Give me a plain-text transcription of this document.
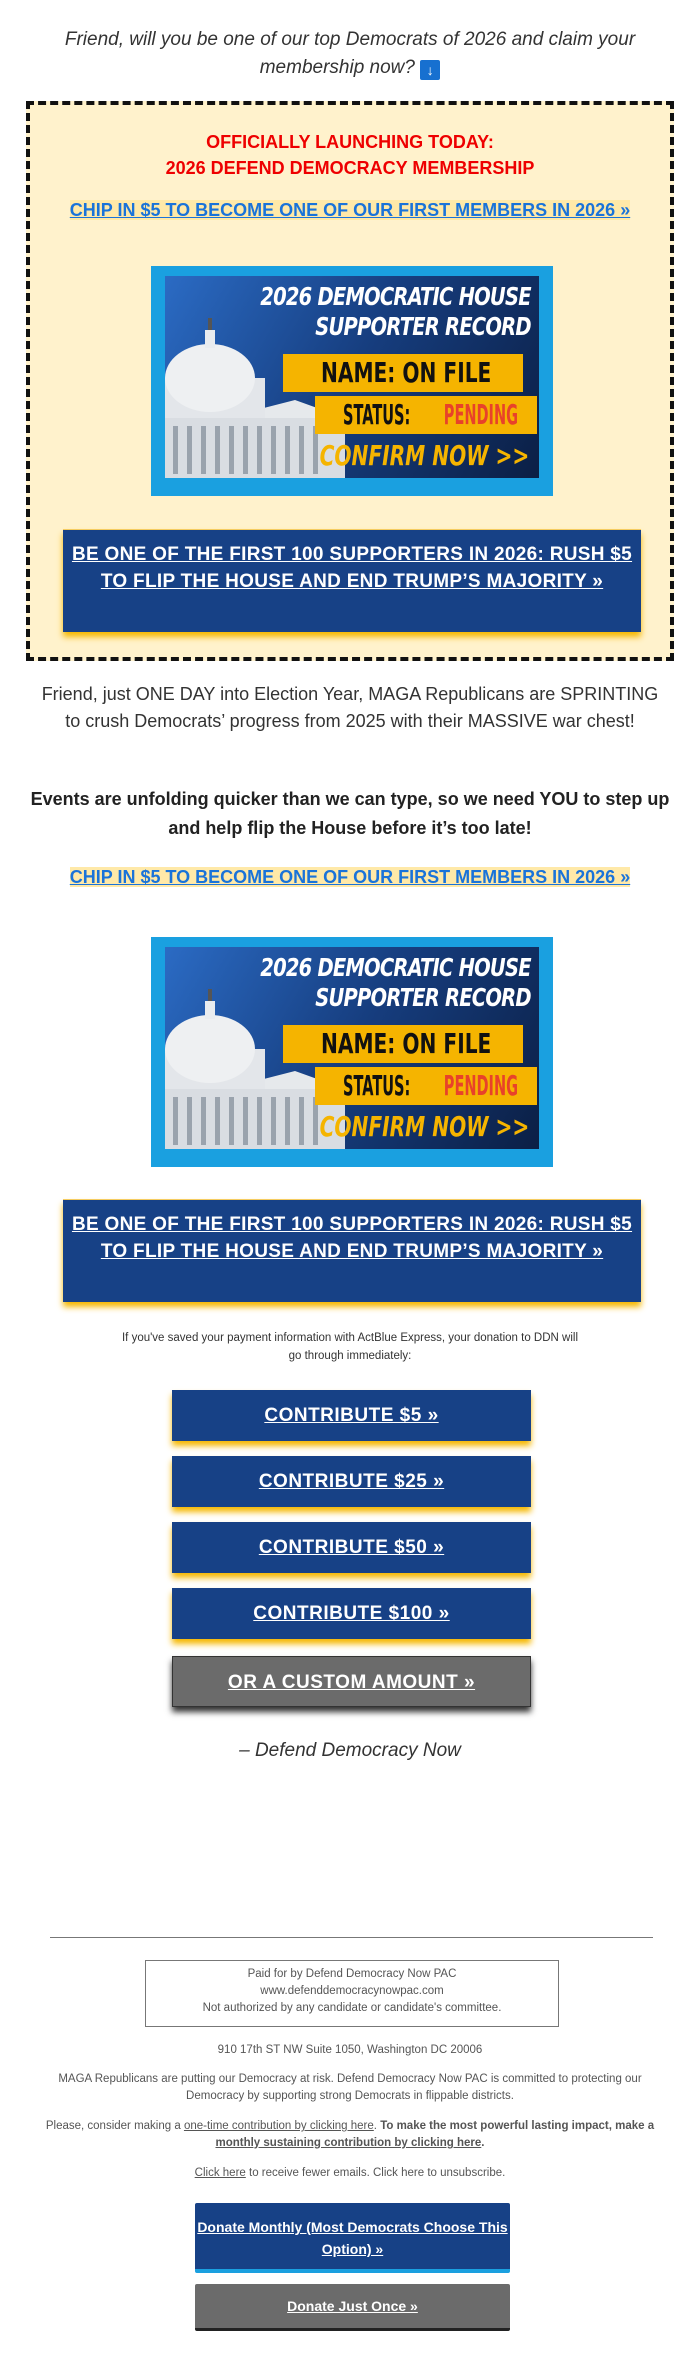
Friend, will you be one of our top Democrats of 2026 and claim your membership now? ↓
OFFICIALLY LAUNCHING TODAY:
2026 DEFEND DEMOCRACY MEMBERSHIP
CHIP IN $5 TO BECOME ONE OF OUR FIRST MEMBERS IN 2026 »
2026 DEMOCRATIC HOUSE
SUPPORTER RECORD
NAME: ON FILE
STATUS: PENDING
CONFIRM NOW >>
BE ONE OF THE FIRST 100 SUPPORTERS IN 2026: RUSH $5 TO FLIP THE HOUSE AND END TRUMP’S MAJORITY »
Friend, just ONE DAY into Election Year, MAGA Republicans are SPRINTING to crush Democrats’ progress from 2025 with their MASSIVE war chest!
Events are unfolding quicker than we can type, so we need YOU to step up and help flip the House before it’s too late!
CHIP IN $5 TO BECOME ONE OF OUR FIRST MEMBERS IN 2026 »
2026 DEMOCRATIC HOUSE
SUPPORTER RECORD
NAME: ON FILE
STATUS: PENDING
CONFIRM NOW >>
BE ONE OF THE FIRST 100 SUPPORTERS IN 2026: RUSH $5 TO FLIP THE HOUSE AND END TRUMP’S MAJORITY »
If you've saved your payment information with ActBlue Express, your donation to DDN will go through immediately:
CONTRIBUTE $5 »
CONTRIBUTE $25 »
CONTRIBUTE $50 »
CONTRIBUTE $100 »
OR A CUSTOM AMOUNT »
– Defend Democracy Now
Paid for by Defend Democracy Now PAC
www.defenddemocracynowpac.com
Not authorized by any candidate or candidate's committee.
910 17th ST NW Suite 1050, Washington DC 20006
MAGA Republicans are putting our Democracy at risk. Defend Democracy Now PAC is committed to protecting our Democracy by supporting strong Democrats in flippable districts.
Please, consider making a one-time contribution by clicking here. To make the most powerful lasting impact, make a monthly sustaining contribution by clicking here.
Click here to receive fewer emails. Click here to unsubscribe.
Donate Monthly (Most Democrats Choose This Option) »
Donate Just Once »
